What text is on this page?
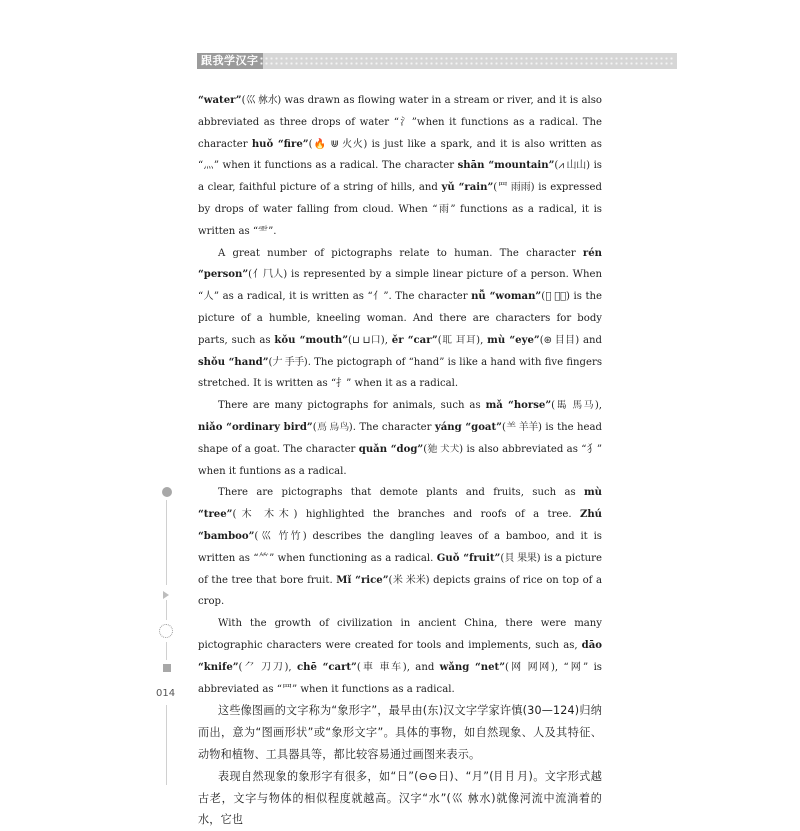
跟我学汉字
014

“water”(巛 沝水) was drawn as flowing water in a stream or river, and it is also abbreviated as three drops of water “氵”when it functions as a radical. The character huǒ “fire”(🔥 ⋓ 火火) is just like a spark, and it is also written as “灬” when it functions as a radical. The character shān “mountain”(⩘ 山山) is a clear, faithful picture of a string of hills, and yǔ “rain”(⺫ 雨雨) is expressed by drops of water falling from cloud. When “雨” functions as a radical, it is written as “⻗”.

A great number of pictographs relate to human. The character rén “person”(亻⺇人) is represented by a simple linear picture of a person. When “人” as a radical, it is written as “亻”. The character nǚ “woman”(𡛤 女女) is the picture of a humble, kneeling woman. And there are characters for body parts, such as kǒu “mouth”(⊔ ⊔口), ěr “car”(𦔮 耳耳), mù “eye”(⊛ 目目) and shǒu “hand”(𠂇 手手). The pictograph of “hand” is like a hand with five fingers stretched. It is written as “扌” when it as a radical.

There are many pictographs for animals, such as mǎ “horse”(𩡧 馬马), niǎo “ordinary bird”(𩾏 鳥鸟). The character yáng “goat”(⺷ 羊羊) is the head shape of a goat. The character quǎn “dog”(𤜣 犬犬) is also abbreviated as “犭” when it funtions as a radical.

There are pictographs that demote plants and fruits, such as mù “tree”(⽊ 木木) highlighted the branches and roofs of a tree. Zhú “bamboo”(⼮ 竹竹) describes the dangling leaves of a bamboo, and it is written as “⺮” when functioning as a radical. Guǒ “fruit”(⾙ 果果) is a picture of the tree that bore fruit. Mǐ “rice”(⽶ 米米) depicts grains of rice on top of a crop.

With the growth of civilization in ancient China, there were many pictographic characters were created for tools and implements, such as, dāo “knife”(⺈ 刀刀), chē “cart”(⾞ 車车), and wǎng “net”(⽹ 网网), “网” is abbreviated as “⺲” when it functions as a radical.

这些像图画的文字称为“象形字”，最早由(东)汉文字学家许慎(30—124)归纳而出，意为“图画形状”或“象形文字”。具体的事物，如自然现象、人及其特征、动物和植物、工具器具等，都比较容易通过画图来表示。

表现自然现象的象形字有很多，如“日”(⊖⊖日)、“月”(⺝⺝月)。文字形式越古老，文字与物体的相似程度就越高。汉字“水”(巛 沝水)就像河流中流淌着的水，它也
